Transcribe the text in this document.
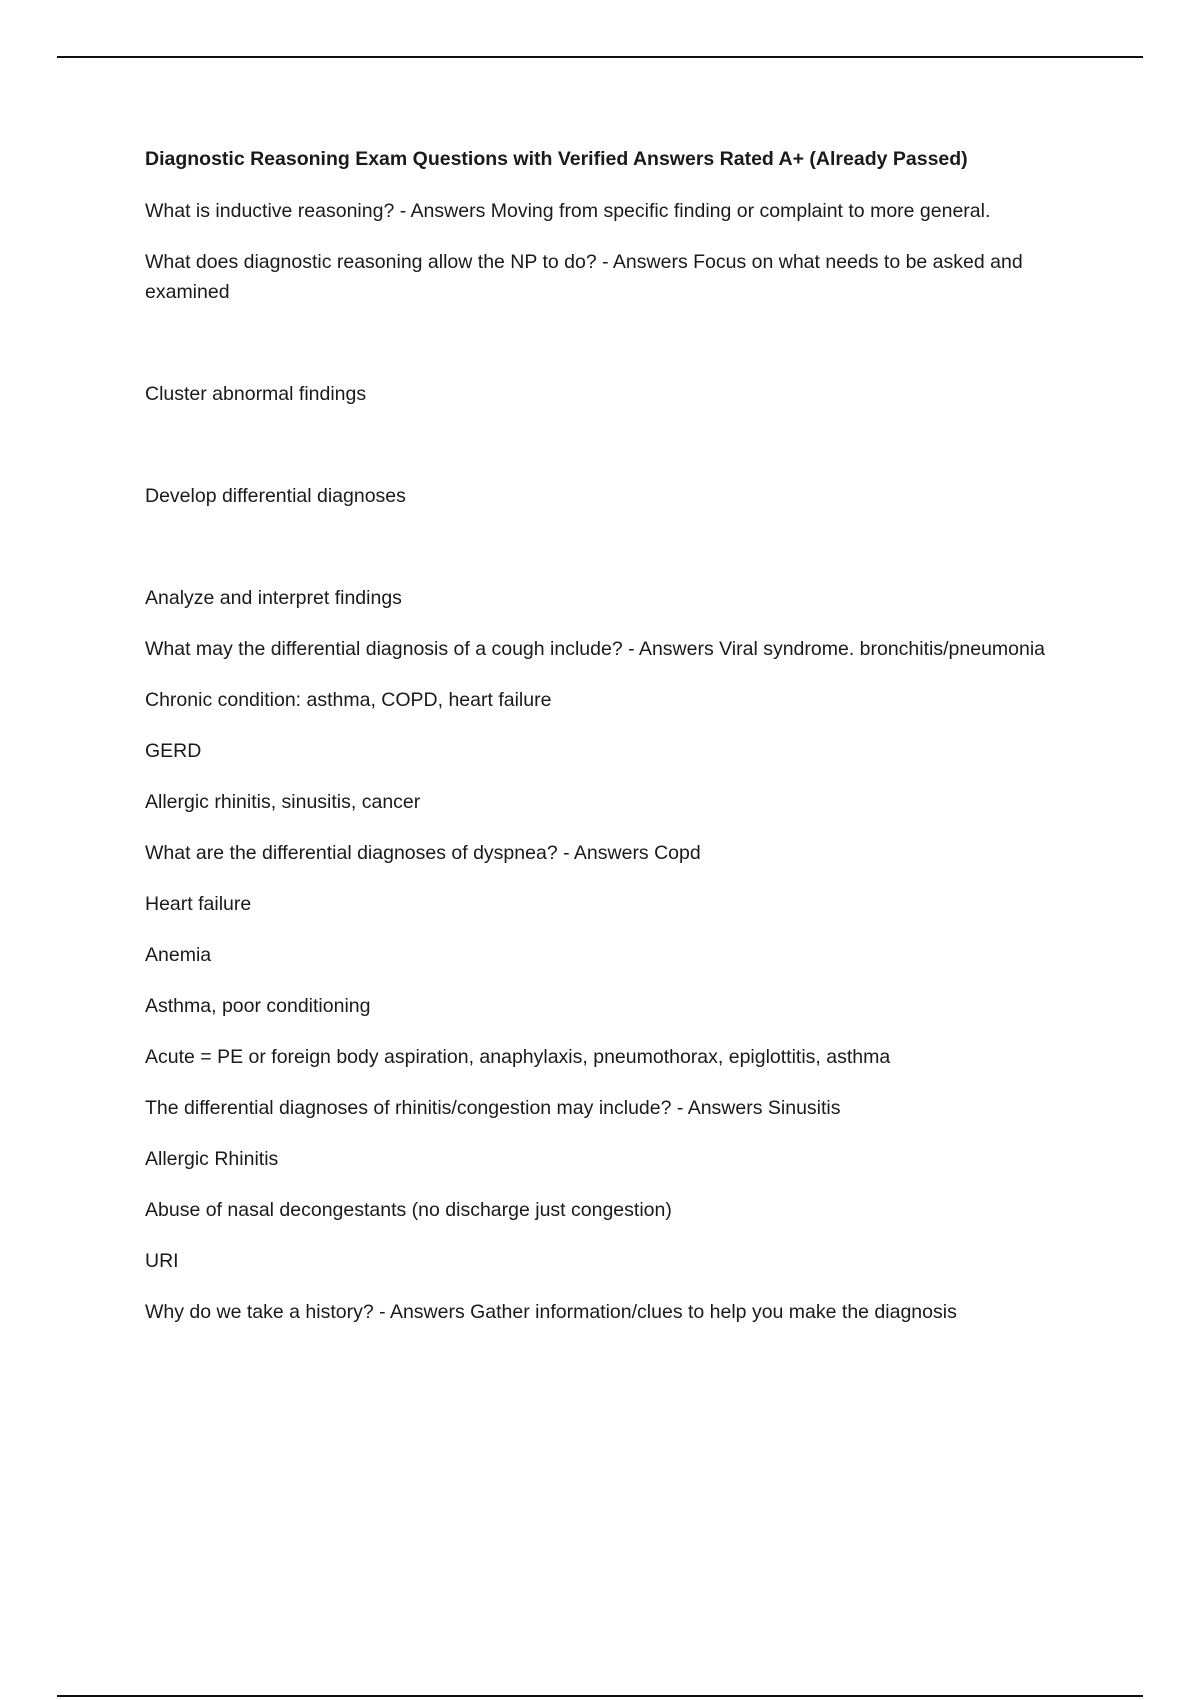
Diagnostic Reasoning Exam Questions with Verified Answers Rated A+ (Already Passed)
What is inductive reasoning? - Answers Moving from specific finding or complaint to more general.
What does diagnostic reasoning allow the NP to do? - Answers Focus on what needs to be asked and examined
Cluster abnormal findings
Develop differential diagnoses
Analyze and interpret findings
What may the differential diagnosis of a cough include? - Answers Viral syndrome. bronchitis/pneumonia
Chronic condition: asthma, COPD, heart failure
GERD
Allergic rhinitis, sinusitis, cancer
What are the differential diagnoses of dyspnea? - Answers Copd
Heart failure
Anemia
Asthma, poor conditioning
Acute = PE or foreign body aspiration, anaphylaxis, pneumothorax, epiglottitis, asthma
The differential diagnoses of rhinitis/congestion may include? - Answers Sinusitis
Allergic Rhinitis
Abuse of nasal decongestants (no discharge just congestion)
URI
Why do we take a history? - Answers Gather information/clues to help you make the diagnosis
